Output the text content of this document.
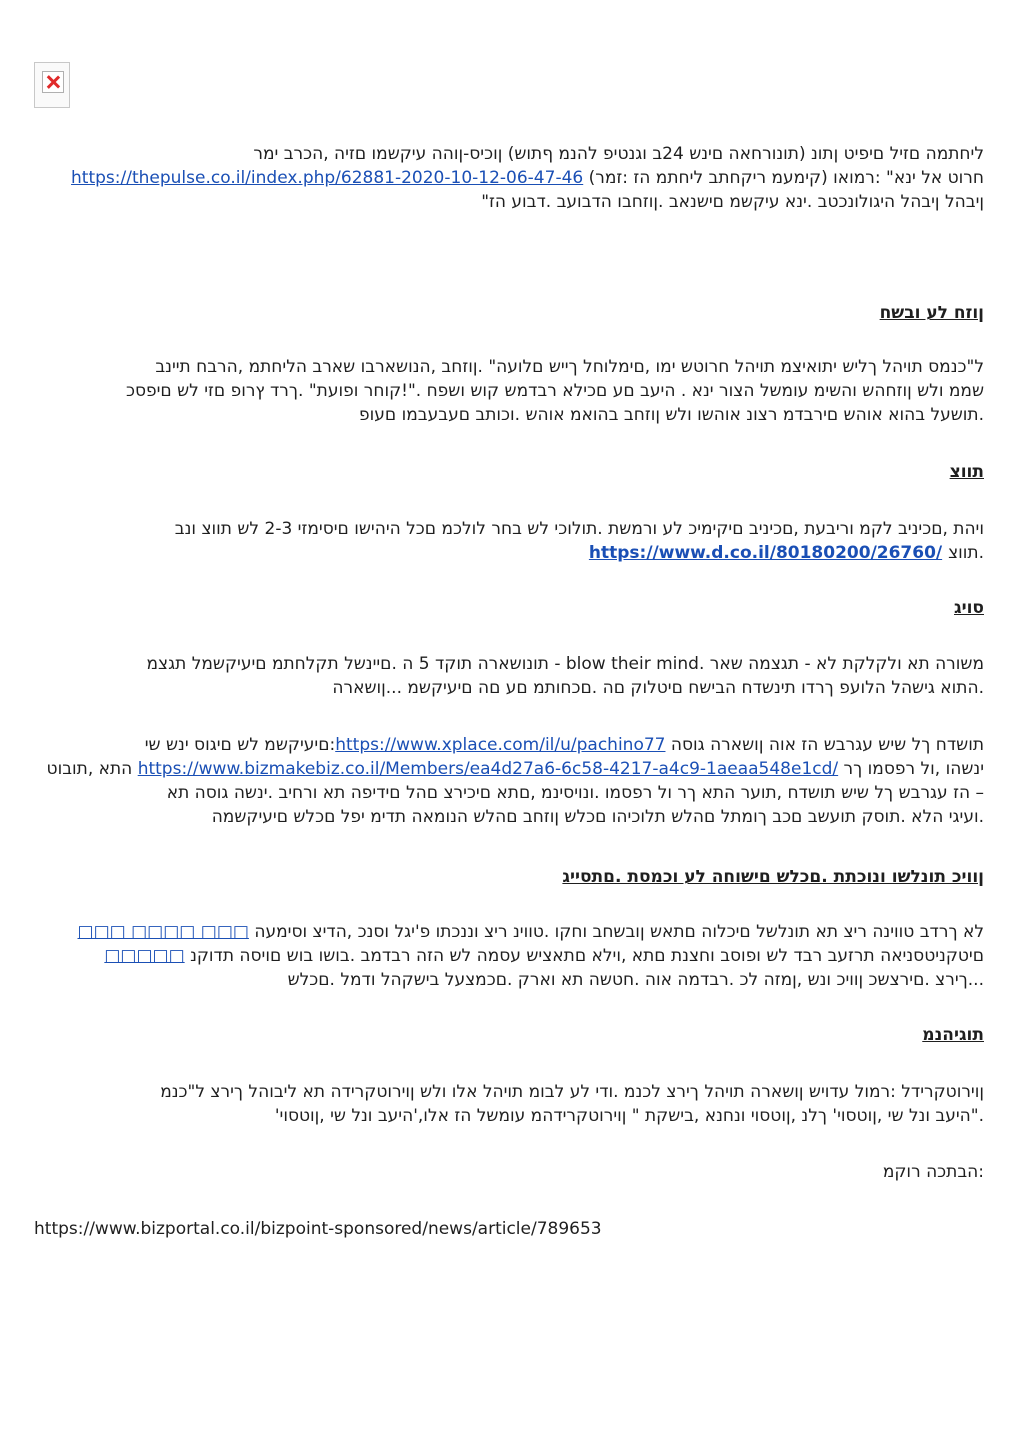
ליחתמה םזיל םיפיט ןתונ (תונורחאה םינש 24ב וגנטיפ להנמ ףתוש) ןוכיס-ןוהה עיקשמו םזיה ,הכרב ימר
חרוט אל ינא" :רמואו (קימעמ ריקחתב ליחתמ הז :זמר) https://thepulse.co.il/index.php/62881-2020-10-12-06-47-46
ןיבהל ןיבהל היגולונכטב .ינא עיקשמ םישנאב .ןוזחבו הדבועב .דבוע הז"
ןוזח לע ובשח
ל"כנמס תויהל ךליש יתואיצמ תויהל חרוטש ימו ,םימלוחל ךייש םלועה" .ןוזחב ,הנושארבו שארב הליחתמ ,הרבח תיינב
שממ ולש ןוזחהש והשימ עומשל הצור ינא . היעב םע םכילא רבדמש קוש ושפח ."!קוחר ופועת" .ךרד ץרופ םזי לש םיפסכ
.תושעל בהוא אוהש םירבדמ רצונ אוהשו ולש ןוזחב בהואמ אוהש .וכותב םעבעבמו םעופ
תווצ
ויהת ,םכיניב לקמ וריבעת ,םכיניב םיקימיכ לע ורמשת .תולוכי לש בחר לולכמ םכל היהישו םיסימזי 2-3 לש תווצ ונב
.תווצ https://www.d.co.il/80180200/26760/
סויג
משורה תא ולקלקת לא - תגצמה שאר .blow their mind - תונושארה תוקד 5 ה .םיינשל תקלחתמ םיעיקשמל תגצמ
.התוא גישהל הלועפ ךרדו תינשדח הבישח םיטלוק םה .םכחותמ םע םה םיעיקשמ ...ןושארה
תושדח ךל שיש עגרבש הז אוה ןושארה גוסה https://www.xplace.com/il/u/pachino77:םיעיקשמ לש םיגוס ינש שי
ינשהו ,ול רפסמו ךר https://www.bizmakebiz.co.il/Members/ea4d27a6-6c58-4217-a4c9-1aeaa548e1cd/ התא ,תובוט
– הז עגרבש ךל שיש תושדח ,תוער התא ךר ול רפסמו .ונויסינמ ,םתא םיכירצ םהל םידיפה תא ורחיב .ינשה גוסה תא
.ועיגי הלא .תוסק תועשב םכב ךומתל םהלש תלוכיהו םכלש ןוזחב םהלש הנומאה תדימ יפל םכלש םיעיקשמה
ןוויכ תונלשו ונוכתת .םכלש םישוחה לע וכמסת .םתסייג
לא ךרדב טווינה ריצ תא תונלשל םיכלוה םתאש ןובשחב וחקו .טווינ ריצ וננכתו פ'יגל וסנכ ,הדיצ וסימעה □□□ □□□□ □□□
םיטקניטסניאה תרזעב רבד לש ופוסב וחצנת םתא ,וילא םתאציש עסמה לש הזה רבדמב .בושו בוש םויסה תדוקנ □□□□□
...ךירצ .םירצשכ ןוויכ ונש ,ןמזה לכ .רבדמה אוה .חטשה תא וארק .םכמצעל בישקהל ודמל .םכלש
תוגיהנמ
ןוירוטקרידל :רמול עדויש ןושארה תויהל ךירצ לכנמ .ודי לע לבומ תויהל אלו ולש ןוירוטקרידה תא ליבוהל ךירצ ל"כנמ
."היעב ונל שי ,ןוטסוי' ךלנ ,ןוטסוי ונחנא ,בישקת " ןוירוטקרידהמ עומשל הז אלו,'היעב ונל שי ,ןוטסוי'
:הבתכה רוקמ
https://www.bizportal.co.il/bizpoint-sponsored/news/article/789653
